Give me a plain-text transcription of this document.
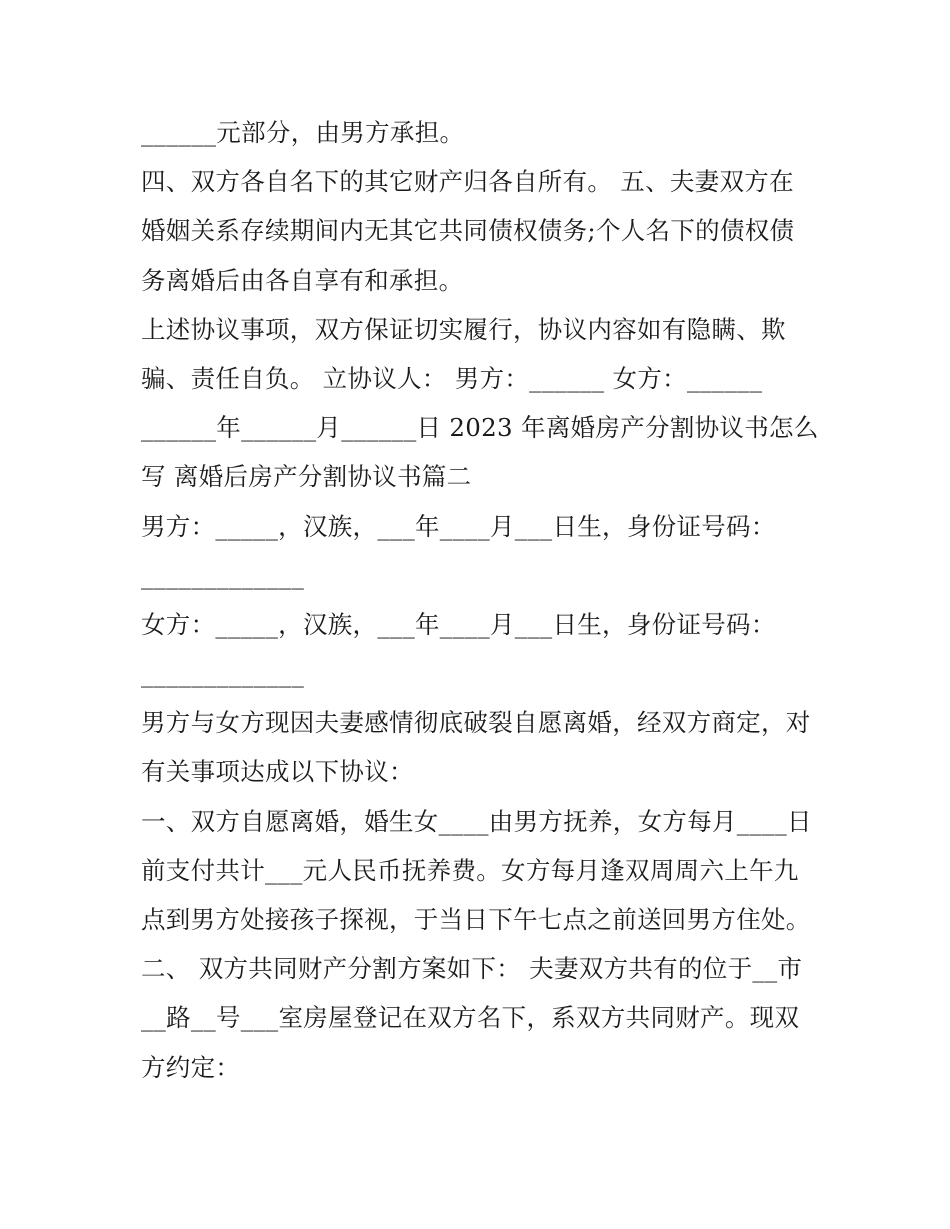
______元部分，由男方承担。
四、双方各自名下的其它财产归各自所有。 五、夫妻双方在
婚姻关系存续期间内无其它共同债权债务;个人名下的债权债
务离婚后由各自享有和承担。
上述协议事项，双方保证切实履行，协议内容如有隐瞒、欺
骗、责任自负。 立协议人： 男方：______ 女方：______
______年______月______日 2023 年离婚房产分割协议书怎么
写 离婚后房产分割协议书篇二
男方：_____，汉族，___年____月___日生，身份证号码：
_____________
女方：_____，汉族，___年____月___日生，身份证号码：
_____________
男方与女方现因夫妻感情彻底破裂自愿离婚，经双方商定，对
有关事项达成以下协议：
一、双方自愿离婚，婚生女____由男方抚养，女方每月____日
前支付共计___元人民币抚养费。女方每月逢双周周六上午九
点到男方处接孩子探视，于当日下午七点之前送回男方住处。
二、 双方共同财产分割方案如下： 夫妻双方共有的位于__市
__路__号___室房屋登记在双方名下，系双方共同财产。现双
方约定：
